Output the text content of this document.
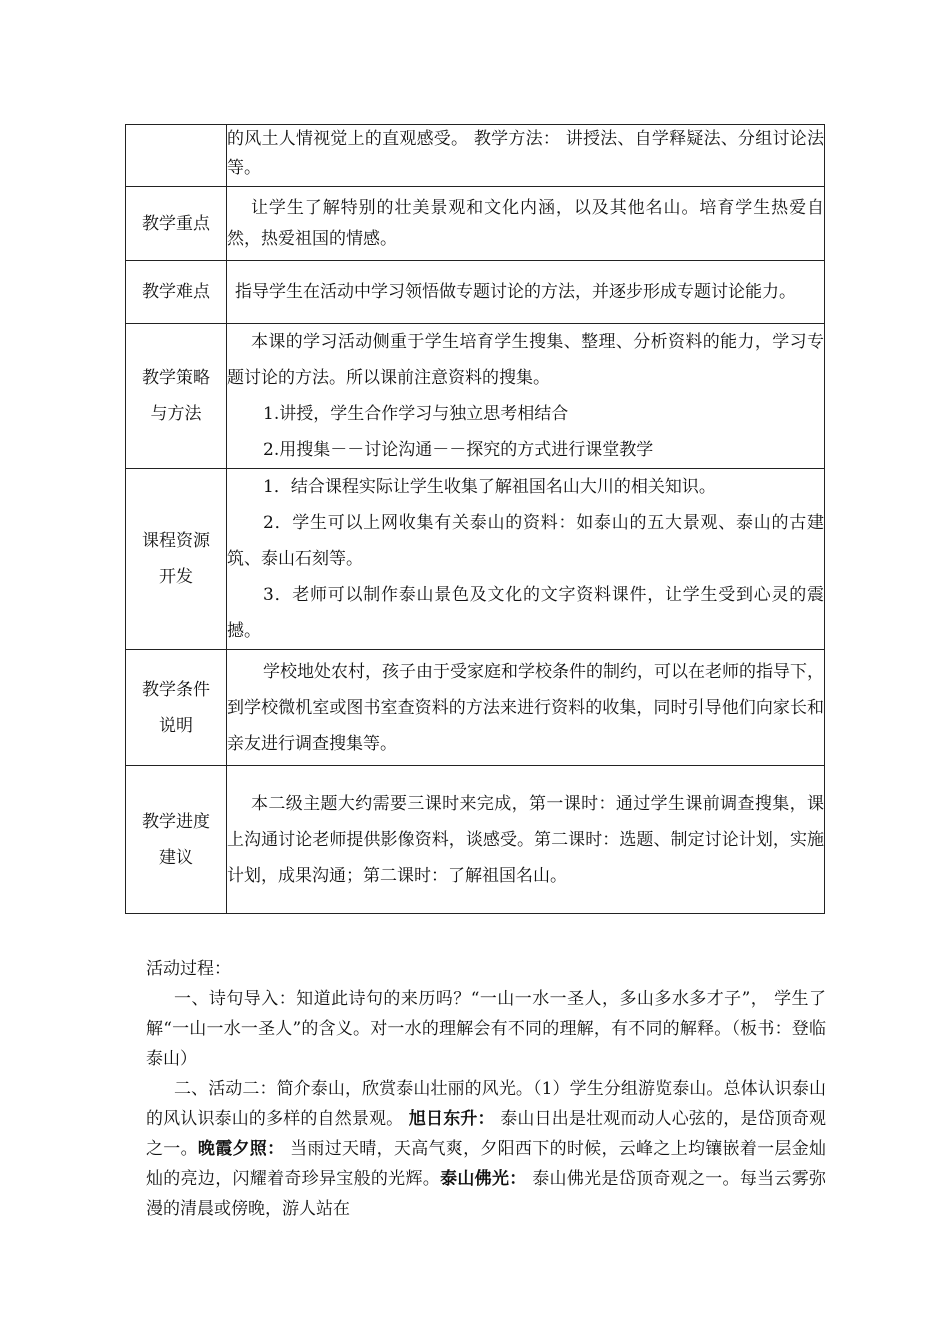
	的风土人情视觉上的直观感受。 教学方法： 讲授法、自学释疑法、分组讨论法等。

教学重点	让学生了解特别的壮美景观和文化内涵，以及其他名山。培育学生热爱自然，热爱祖国的情感。

教学难点	指导学生在活动中学习领悟做专题讨论的方法，并逐步形成专题讨论能力。

教学策略与方法	本课的学习活动侧重于学生培育学生搜集、整理、分析资料的能力，学习专题讨论的方法。所以课前注意资料的搜集。

1.讲授，学生合作学习与独立思考相结合

2.用搜集－－讨论沟通－－探究的方式进行课堂教学

课程资源开发	1．结合课程实际让学生收集了解祖国名山大川的相关知识。

2．学生可以上网收集有关泰山的资料：如泰山的五大景观、泰山的古建筑、泰山石刻等。

3．老师可以制作泰山景色及文化的文字资料课件，让学生受到心灵的震撼。

教学条件说明	学校地处农村，孩子由于受家庭和学校条件的制约，可以在老师的指导下，到学校微机室或图书室查资料的方法来进行资料的收集，同时引导他们向家长和亲友进行调查搜集等。

教学进度建议	本二级主题大约需要三课时来完成，第一课时：通过学生课前调查搜集，课上沟通讨论老师提供影像资料，谈感受。第二课时：选题、制定讨论计划，实施计划，成果沟通；第二课时：了解祖国名山。

活动过程：

一、诗句导入：知道此诗句的来历吗？“一山一水一圣人，多山多水多才子”， 学生了解“一山一水一圣人”的含义。对一水的理解会有不同的理解，有不同的解释。（板书：登临泰山）

二、活动二：简介泰山，欣赏泰山壮丽的风光。（1）学生分组游览泰山。总体认识泰山的风认识泰山的多样的自然景观。 旭日东升： 泰山日出是壮观而动人心弦的，是岱顶奇观之一。晚霞夕照： 当雨过天晴，天高气爽，夕阳西下的时候，云峰之上均镶嵌着一层金灿灿的亮边，闪耀着奇珍异宝般的光辉。泰山佛光： 泰山佛光是岱顶奇观之一。每当云雾弥漫的清晨或傍晚，游人站在
